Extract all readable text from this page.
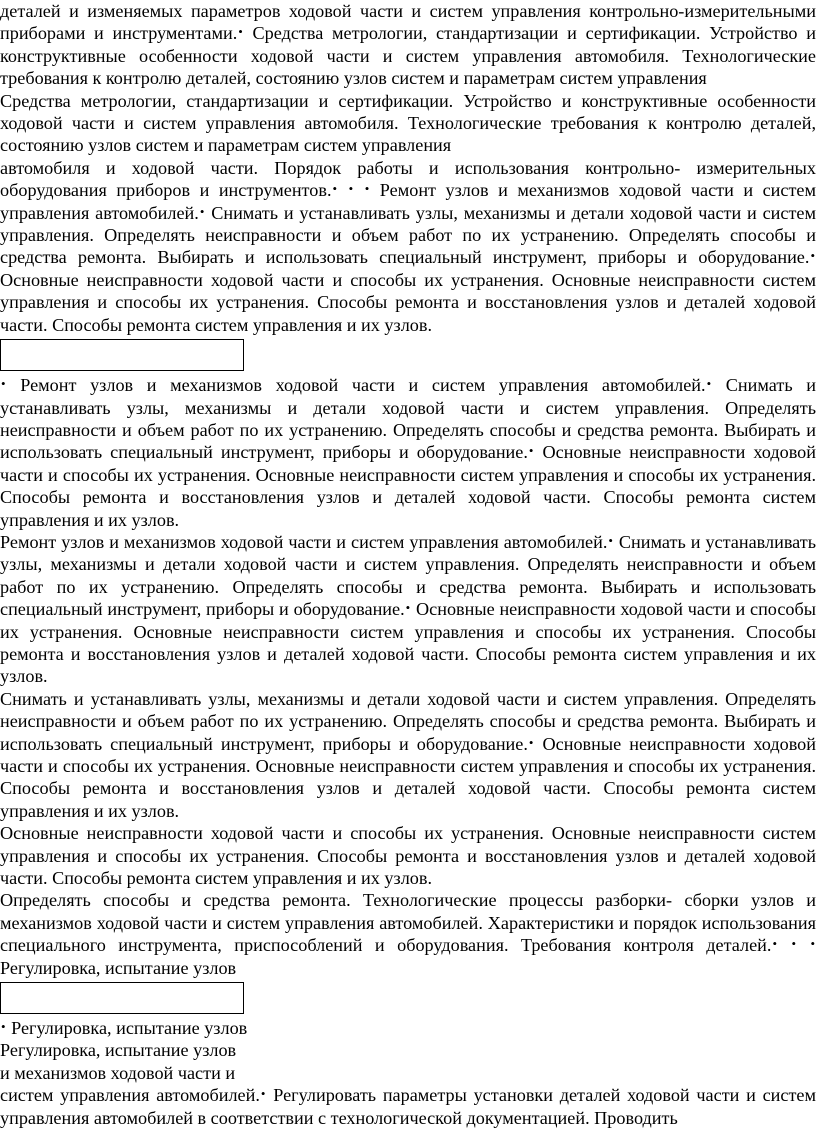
деталей и изменяемых параметров ходовой части и систем управления контрольно-измерительными приборами и инструментами.• Средства метрологии, стандартизации и сертификации. Устройство и конструктивные особенности ходовой части и систем управления автомобиля. Технологические требования к контролю деталей, состоянию узлов систем и параметрам систем управления

Средства метрологии, стандартизации и сертификации. Устройство и конструктивные особенности ходовой части и систем управления автомобиля. Технологические требования к контролю деталей, состоянию узлов систем и параметрам систем управления

автомобиля и ходовой части. Порядок работы и использования контрольно- измерительных оборудования приборов и инструментов.• • • Ремонт узлов и механизмов ходовой части и систем управления автомобилей.• Снимать и устанавливать узлы, механизмы и детали ходовой части и систем управления. Определять неисправности и объем работ по их устранению. Определять способы и средства ремонта. Выбирать и использовать специальный инструмент, приборы и оборудование.• Основные неисправности ходовой части и способы их устранения. Основные неисправности систем управления и способы их устранения. Способы ремонта и восстановления узлов и деталей ходовой части. Способы ремонта систем управления и их узлов.

• Ремонт узлов и механизмов ходовой части и систем управления автомобилей.• Снимать и устанавливать узлы, механизмы и детали ходовой части и систем управления. Определять неисправности и объем работ по их устранению. Определять способы и средства ремонта. Выбирать и использовать специальный инструмент, приборы и оборудование.• Основные неисправности ходовой части и способы их устранения. Основные неисправности систем управления и способы их устранения. Способы ремонта и восстановления узлов и деталей ходовой части. Способы ремонта систем управления и их узлов.

Ремонт узлов и механизмов ходовой части и систем управления автомобилей.• Снимать и устанавливать узлы, механизмы и детали ходовой части и систем управления. Определять неисправности и объем работ по их устранению. Определять способы и средства ремонта. Выбирать и использовать специальный инструмент, приборы и оборудование.• Основные неисправности ходовой части и способы их устранения. Основные неисправности систем управления и способы их устранения. Способы ремонта и восстановления узлов и деталей ходовой части. Способы ремонта систем управления и их узлов.

Снимать и устанавливать узлы, механизмы и детали ходовой части и систем управления. Определять неисправности и объем работ по их устранению. Определять способы и средства ремонта. Выбирать и использовать специальный инструмент, приборы и оборудование.• Основные неисправности ходовой части и способы их устранения. Основные неисправности систем управления и способы их устранения. Способы ремонта и восстановления узлов и деталей ходовой части. Способы ремонта систем управления и их узлов.

Основные неисправности ходовой части и способы их устранения. Основные неисправности систем управления и способы их устранения. Способы ремонта и восстановления узлов и деталей ходовой части. Способы ремонта систем управления и их узлов.

Определять способы и средства ремонта. Технологические процессы разборки- сборки узлов и механизмов ходовой части и систем управления автомобилей. Характеристики и порядок использования специального инструмента, приспособлений и оборудования. Требования контроля деталей.• • • Регулировка, испытание узлов

• Регулировка, испытание узлов

Регулировка, испытание узлов

и механизмов ходовой части и

систем управления автомобилей.• Регулировать параметры установки деталей ходовой части и систем управления автомобилей в соответствии с технологической документацией. Проводить
